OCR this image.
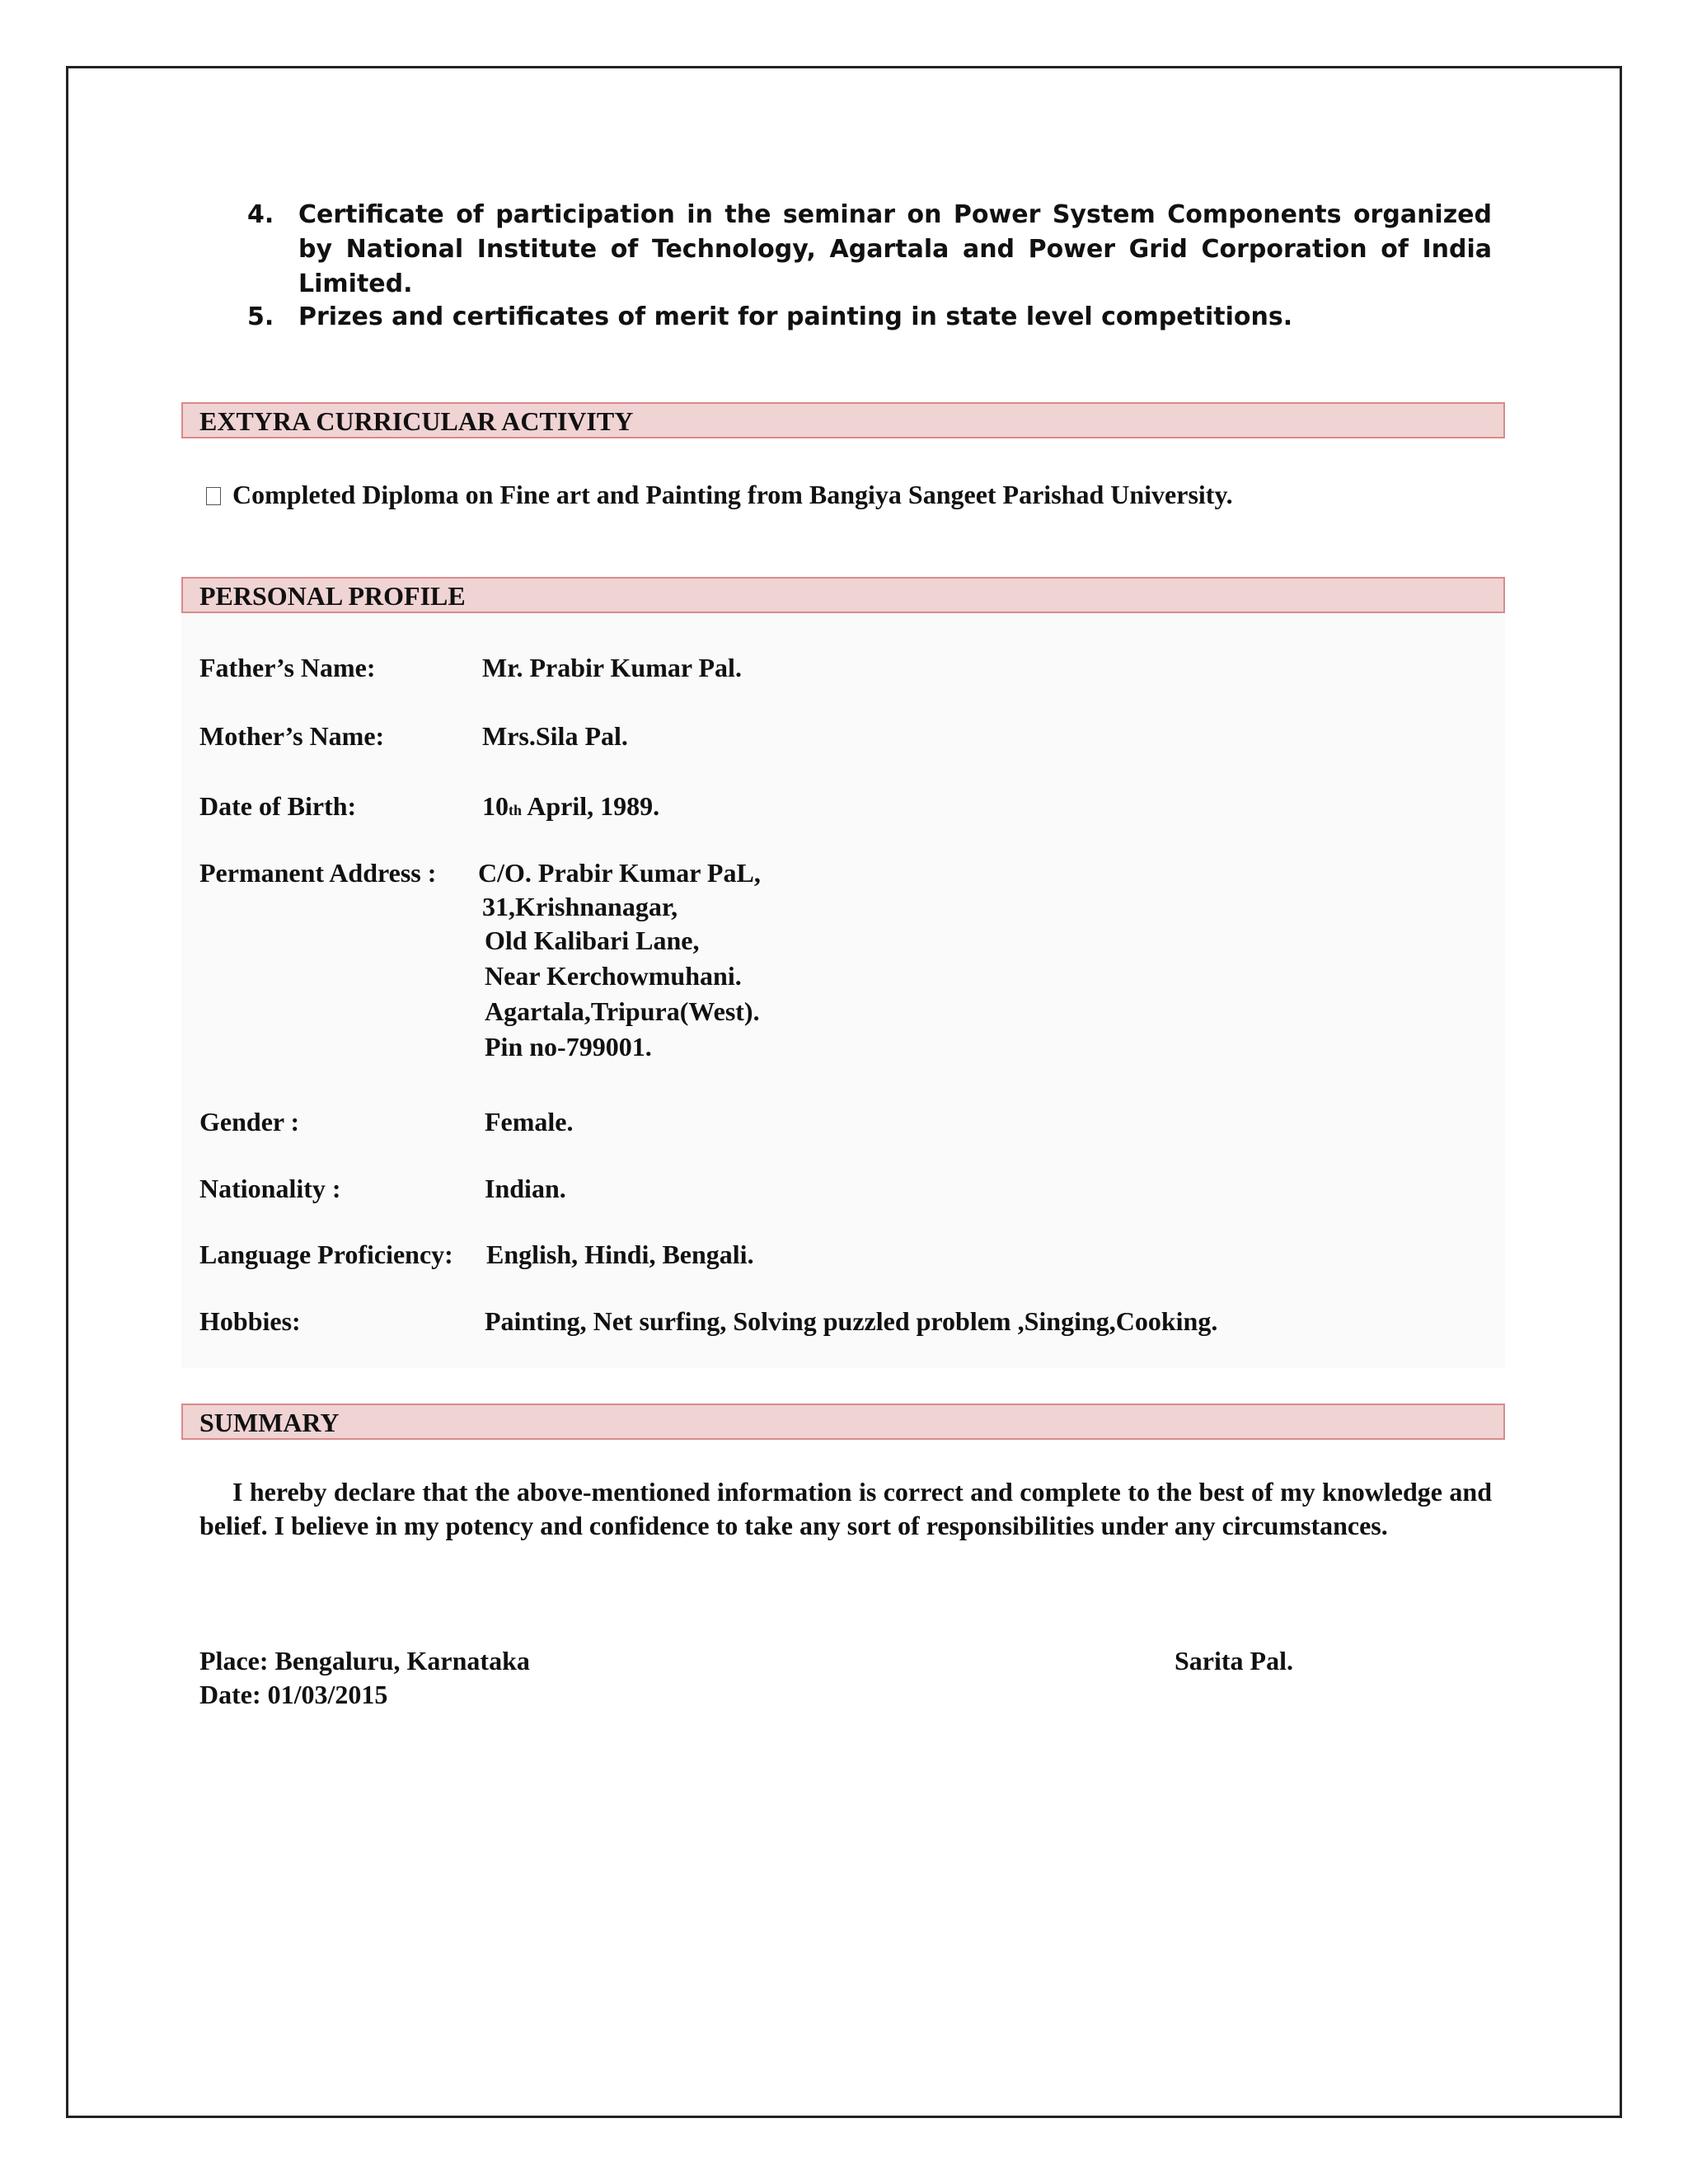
4. Certificate of participation in the seminar on Power System Components organized by National Institute of Technology, Agartala and Power Grid Corporation of India Limited.
5. Prizes and certificates of merit for painting in state level competitions.
EXTYRA CURRICULAR ACTIVITY
Completed Diploma on Fine art and Painting from Bangiya Sangeet Parishad University.
PERSONAL PROFILE
Father’s Name:	Mr. Prabir Kumar Pal.
Mother’s Name:	Mrs.Sila Pal.
Date of Birth:	10th April, 1989.
Permanent Address : C/O. Prabir Kumar PaL,
31,Krishnanagar,
Old Kalibari Lane,
Near Kerchowmuhani.
Agartala,Tripura(West).
Pin no-799001.
Gender :	Female.
Nationality :	Indian.
Language Proficiency: English, Hindi, Bengali.
Hobbies:	Painting, Net surfing, Solving puzzled problem ,Singing,Cooking.
SUMMARY
I hereby declare that the above-mentioned information is correct and complete to the best of my knowledge and belief. I believe in my potency and confidence to take any sort of responsibilities under any circumstances.
Place: Bengaluru, Karnataka
Date: 01/03/2015
Sarita Pal.
